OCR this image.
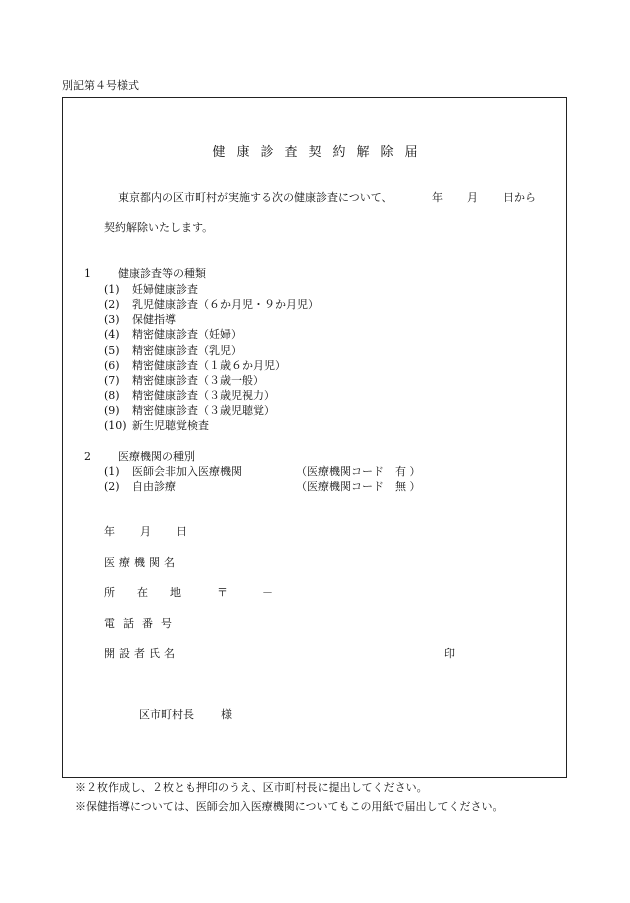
別記第４号様式
健康診査契約解除届
東京都内の区市町村が実施する次の健康診査について、	年 月 日から
契約解除いたします。
1 健康診査等の種類
(1) 妊婦健康診査
(2) 乳児健康診査（６か月児・９か月児）
(3) 保健指導
(4) 精密健康診査（妊婦）
(5) 精密健康診査（乳児）
(6) 精密健康診査（１歳６か月児）
(7) 精密健康診査（３歳一般）
(8) 精密健康診査（３歳児視力）
(9) 精密健康診査（３歳児聴覚）
(10) 新生児聴覚検査
2 医療機関の種別
(1) 医師会非加入医療機関	（医療機関コード　有 ）
(2) 自由診療	（医療機関コード　無 ）
年 月 日
医療機関名
所在地 〒	－
電話番号
開設者氏名	印
区市町村長 様
※２枚作成し、２枚とも押印のうえ、区市町村長に提出してください。
※保健指導については、医師会加入医療機関についてもこの用紙で届出してください。
